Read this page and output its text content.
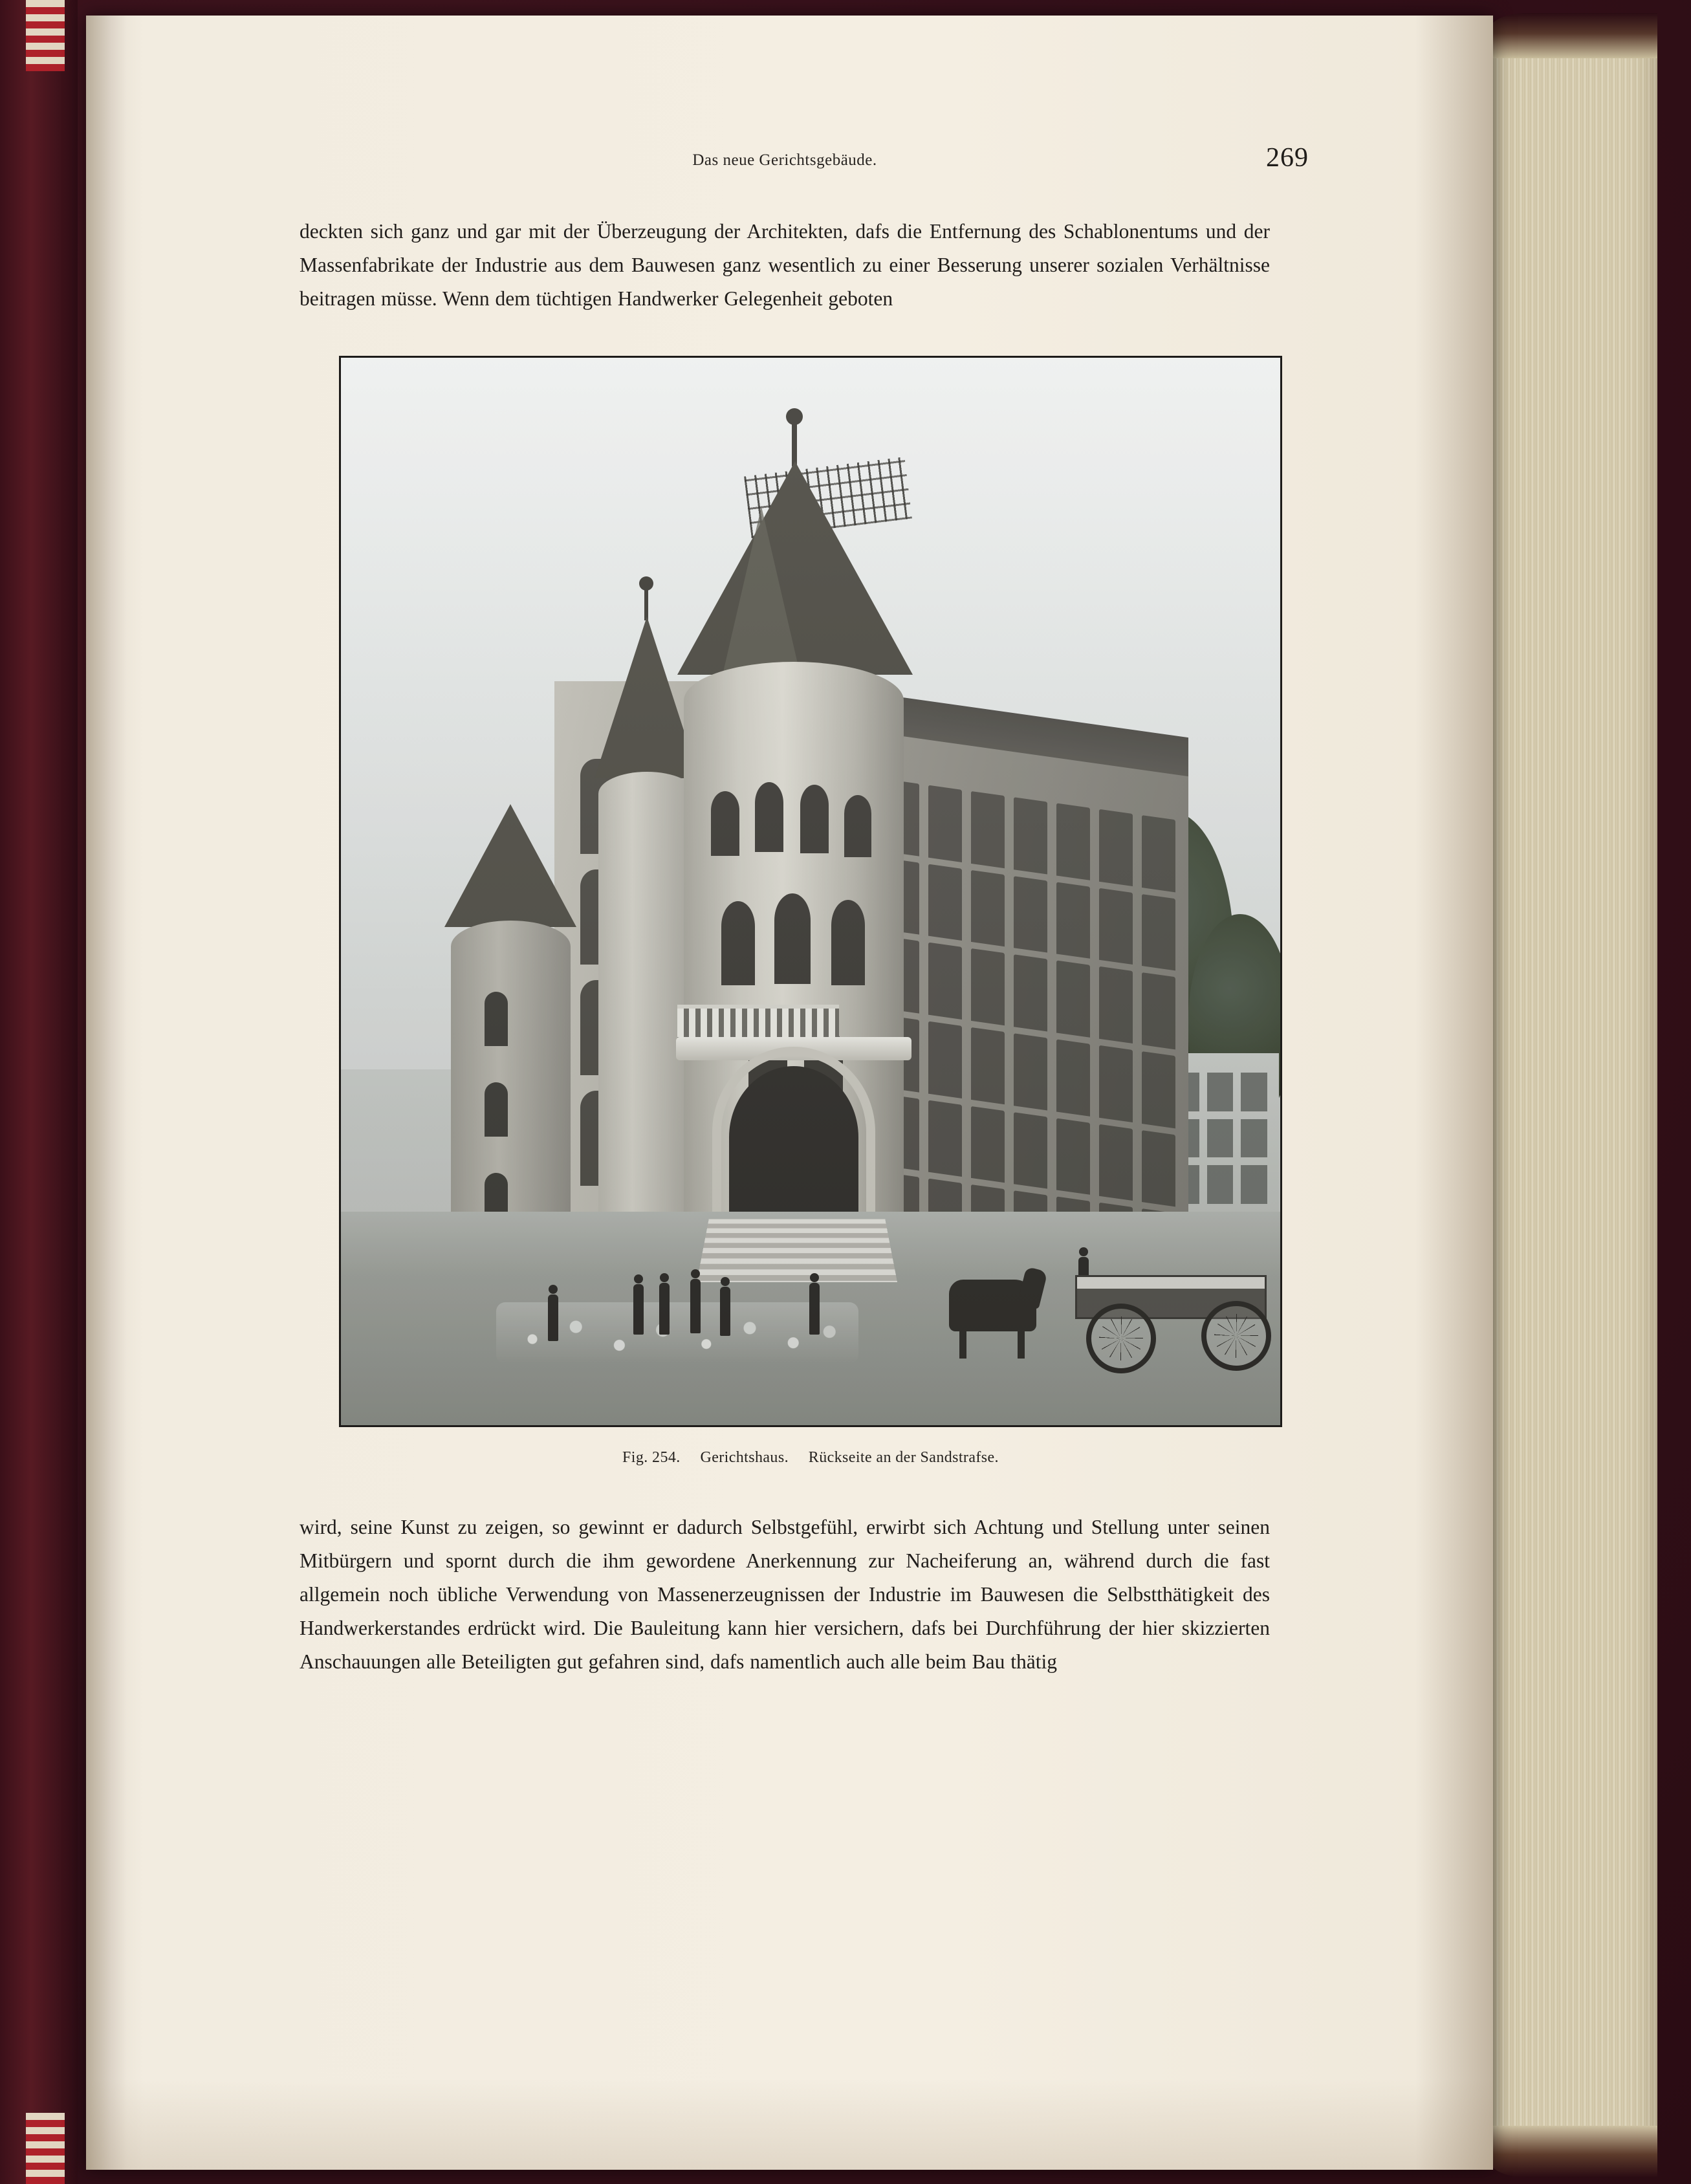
Das neue Gerichtsgebäude.	269

deckten sich ganz und gar mit der Überzeugung der Architekten, dafs die Entfernung des Schablonentums und der Massenfabrikate der Industrie aus dem Bauwesen ganz wesentlich zu einer Besserung unserer sozialen Verhältnisse beitragen müsse. Wenn dem tüchtigen Handwerker Gelegenheit geboten

Fig. 254. Gerichtshaus. Rückseite an der Sandstrafse.

wird, seine Kunst zu zeigen, so gewinnt er dadurch Selbstgefühl, erwirbt sich Achtung und Stellung unter seinen Mitbürgern und spornt durch die ihm gewordene Anerkennung zur Nacheiferung an, während durch die fast allgemein noch übliche Verwendung von Massenerzeugnissen der Industrie im Bauwesen die Selbstthätigkeit des Handwerkerstandes erdrückt wird. Die Bauleitung kann hier versichern, dafs bei Durchführung der hier skizzierten Anschauungen alle Beteiligten gut gefahren sind, dafs namentlich auch alle beim Bau thätig
